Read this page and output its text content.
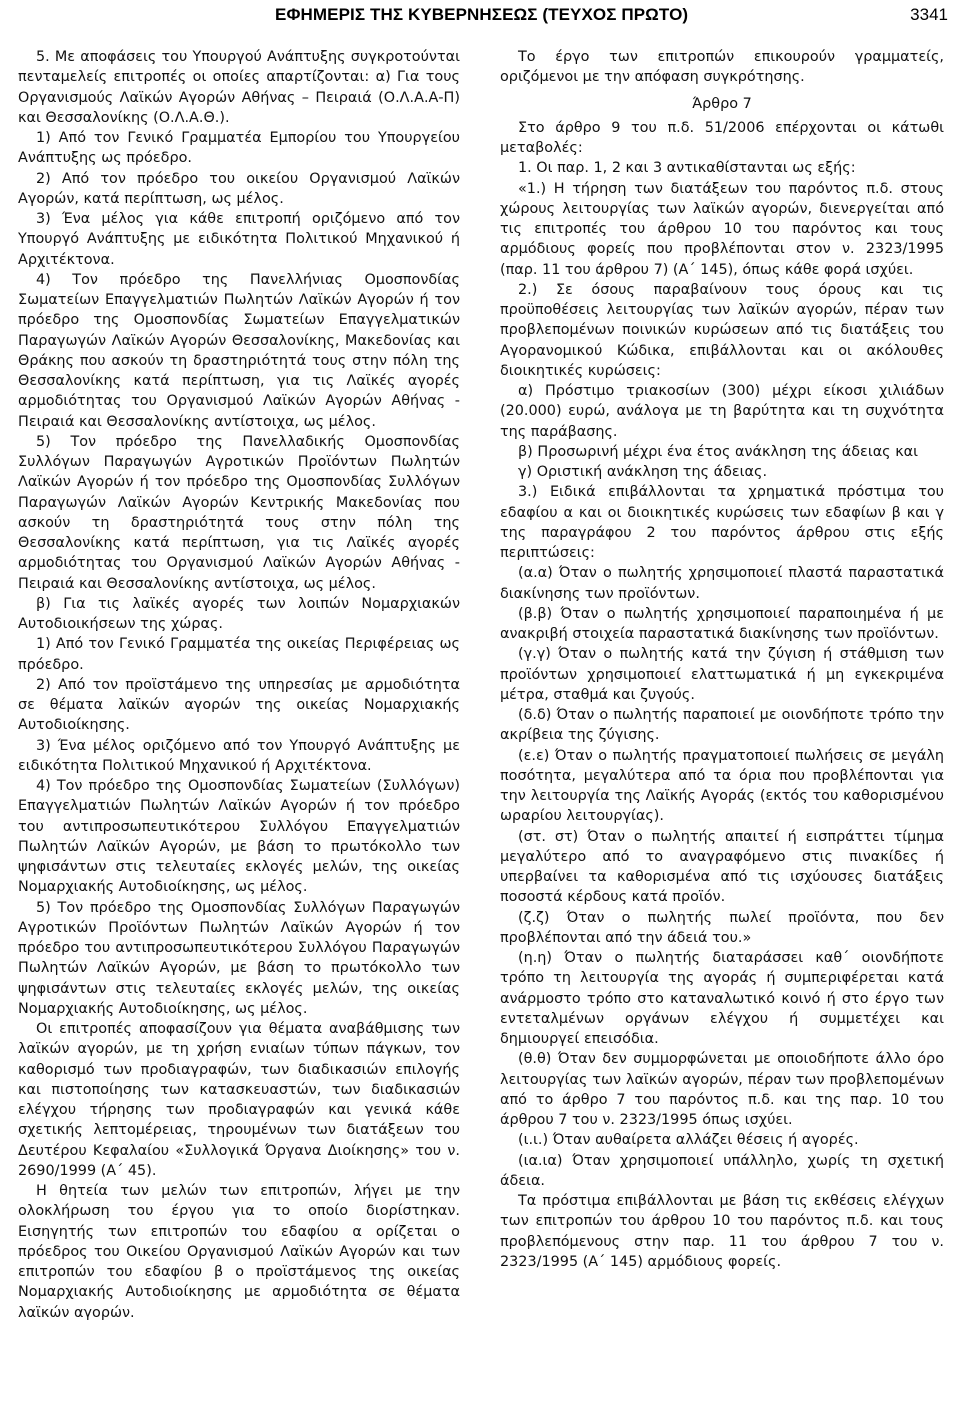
ΕΦΗΜΕΡΙΣ ΤΗΣ ΚΥΒΕΡΝΗΣΕΩΣ (ΤΕΥΧΟΣ ΠΡΩΤΟ)	3341

5. Με αποφάσεις του Υπουργού Ανάπτυξης συγκροτούνται πενταμελείς επιτροπές οι οποίες απαρτίζονται: α) Για τους Οργανισμούς Λαϊκών Αγορών Αθήνας – Πειραιά (Ο.Λ.Α.Α-Π) και Θεσσαλονίκης (Ο.Λ.Α.Θ.).

1) Από τον Γενικό Γραμματέα Εμπορίου του Υπουργείου Ανάπτυξης ως πρόεδρο.

2) Από τον πρόεδρο του οικείου Οργανισμού Λαϊκών Αγορών, κατά περίπτωση, ως μέλος.

3) Ένα μέλος για κάθε επιτροπή οριζόμενο από τον Υπουργό Ανάπτυξης με ειδικότητα Πολιτικού Μηχανικού ή Αρχιτέκτονα.

4) Τον πρόεδρο της Πανελλήνιας Ομοσπονδίας Σωματείων Επαγγελματιών Πωλητών Λαϊκών Αγορών ή τον πρόεδρο της Ομοσπονδίας Σωματείων Επαγγελματικών Παραγωγών Λαϊκών Αγορών Θεσσαλονίκης, Μακεδονίας και Θράκης που ασκούν τη δραστηριότητά τους στην πόλη της Θεσσαλονίκης κατά περίπτωση, για τις Λαϊκές αγορές αρμοδιότητας του Οργανισμού Λαϊκών Αγορών Αθήνας - Πειραιά και Θεσσαλονίκης αντίστοιχα, ως μέλος.

5) Τον πρόεδρο της Πανελλαδικής Ομοσπονδίας Συλλόγων Παραγωγών Αγροτικών Προϊόντων Πωλητών Λαϊκών Αγορών ή τον πρόεδρο της Ομοσπονδίας Συλλόγων Παραγωγών Λαϊκών Αγορών Κεντρικής Μακεδονίας που ασκούν τη δραστηριότητά τους στην πόλη της Θεσσαλονίκης κατά περίπτωση, για τις Λαϊκές αγορές αρμοδιότητας του Οργανισμού Λαϊκών Αγορών Αθήνας - Πειραιά και Θεσσαλονίκης αντίστοιχα, ως μέλος.

β) Για τις λαϊκές αγορές των λοιπών Νομαρχιακών Αυτοδιοικήσεων της χώρας.

1) Από τον Γενικό Γραμματέα της οικείας Περιφέρειας ως πρόεδρο.

2) Από τον προϊστάμενο της υπηρεσίας με αρμοδιότητα σε θέματα λαϊκών αγορών της οικείας Νομαρχιακής Αυτοδιοίκησης.

3) Ένα μέλος οριζόμενο από τον Υπουργό Ανάπτυξης με ειδικότητα Πολιτικού Μηχανικού ή Αρχιτέκτονα.

4) Τον πρόεδρο της Ομοσπονδίας Σωματείων (Συλλόγων) Επαγγελματιών Πωλητών Λαϊκών Αγορών ή τον πρόεδρο του αντιπροσωπευτικότερου Συλλόγου Επαγγελματιών Πωλητών Λαϊκών Αγορών, με βάση το πρωτόκολλο των ψηφισάντων στις τελευταίες εκλογές μελών, της οικείας Νομαρχιακής Αυτοδιοίκησης, ως μέλος.

5) Τον πρόεδρο της Ομοσπονδίας Συλλόγων Παραγωγών Αγροτικών Προϊόντων Πωλητών Λαϊκών Αγορών ή τον πρόεδρο του αντιπροσωπευτικότερου Συλλόγου Παραγωγών Πωλητών Λαϊκών Αγορών, με βάση το πρωτόκολλο των ψηφισάντων στις τελευταίες εκλογές μελών, της οικείας Νομαρχιακής Αυτοδιοίκησης, ως μέλος.

Οι επιτροπές αποφασίζουν για θέματα αναβάθμισης των λαϊκών αγορών, με τη χρήση ενιαίων τύπων πάγκων, τον καθορισμό των προδιαγραφών, των διαδικασιών επιλογής και πιστοποίησης των κατασκευαστών, των διαδικασιών ελέγχου τήρησης των προδιαγραφών και γενικά κάθε σχετικής λεπτομέρειας, τηρουμένων των διατάξεων του Δευτέρου Κεφαλαίου «Συλλογικά Όργανα Διοίκησης» του ν. 2690/1999 (Α΄ 45).

Η θητεία των μελών των επιτροπών, λήγει με την ολοκλήρωση του έργου για το οποίο διορίστηκαν. Εισηγητής των επιτροπών του εδαφίου α ορίζεται ο πρόεδρος του Οικείου Οργανισμού Λαϊκών Αγορών και των επιτροπών του εδαφίου β ο προϊστάμενος της οικείας Νομαρχιακής Αυτοδιοίκησης με αρμοδιότητα σε θέματα λαϊκών αγορών.

Το έργο των επιτροπών επικουρούν γραμματείς, οριζόμενοι με την απόφαση συγκρότησης.

Άρθρο 7

Στο άρθρο 9 του π.δ. 51/2006 επέρχονται οι κάτωθι μεταβολές:

1. Οι παρ. 1, 2 και 3 αντικαθίστανται ως εξής:

«1.) Η τήρηση των διατάξεων του παρόντος π.δ. στους χώρους λειτουργίας των λαϊκών αγορών, διενεργείται από τις επιτροπές του άρθρου 10 του παρόντος και τους αρμόδιους φορείς που προβλέπονται στον ν. 2323/1995 (παρ. 11 του άρθρου 7) (Α΄ 145), όπως κάθε φορά ισχύει.

2.) Σε όσους παραβαίνουν τους όρους και τις προϋποθέσεις λειτουργίας των λαϊκών αγορών, πέραν των προβλεπομένων ποινικών κυρώσεων από τις διατάξεις του Αγορανομικού Κώδικα, επιβάλλονται και οι ακόλουθες διοικητικές κυρώσεις:

α) Πρόστιμο τριακοσίων (300) μέχρι είκοσι χιλιάδων (20.000) ευρώ, ανάλογα με τη βαρύτητα και τη συχνότητα της παράβασης.

β) Προσωρινή μέχρι ένα έτος ανάκληση της άδειας και

γ) Οριστική ανάκληση της άδειας.

3.) Ειδικά επιβάλλονται τα χρηματικά πρόστιμα του εδαφίου α και οι διοικητικές κυρώσεις των εδαφίων β και γ της παραγράφου 2 του παρόντος άρθρου στις εξής περιπτώσεις:

(α.α) Όταν ο πωλητής χρησιμοποιεί πλαστά παραστατικά διακίνησης των προϊόντων.

(β.β) Όταν ο πωλητής χρησιμοποιεί παραποιημένα ή με ανακριβή στοιχεία παραστατικά διακίνησης των προϊόντων.

(γ.γ) Όταν ο πωλητής κατά την ζύγιση ή στάθμιση των προϊόντων χρησιμοποιεί ελαττωματικά ή μη εγκεκριμένα μέτρα, σταθμά και ζυγούς.

(δ.δ) Όταν ο πωλητής παραποιεί με οιονδήποτε τρόπο την ακρίβεια της ζύγισης.

(ε.ε) Όταν ο πωλητής πραγματοποιεί πωλήσεις σε μεγάλη ποσότητα, μεγαλύτερα από τα όρια που προβλέπονται για την λειτουργία της Λαϊκής Αγοράς (εκτός του καθορισμένου ωραρίου λειτουργίας).

(στ. στ) Όταν ο πωλητής απαιτεί ή εισπράττει τίμημα μεγαλύτερο από το αναγραφόμενο στις πινακίδες ή υπερβαίνει τα καθορισμένα από τις ισχύουσες διατάξεις ποσοστά κέρδους κατά προϊόν.

(ζ.ζ) Όταν ο πωλητής πωλεί προϊόντα, που δεν προβλέπονται από την άδειά του.»

(η.η) Όταν ο πωλητής διαταράσσει καθ΄ οιονδήποτε τρόπο τη λειτουργία της αγοράς ή συμπεριφέρεται κατά ανάρμοστο τρόπο στο καταναλωτικό κοινό ή στο έργο των εντεταλμένων οργάνων ελέγχου ή συμμετέχει και δημιουργεί επεισόδια.

(θ.θ) Όταν δεν συμμορφώνεται με οποιοδήποτε άλλο όρο λειτουργίας των λαϊκών αγορών, πέραν των προβλεπομένων από το άρθρο 7 του παρόντος π.δ. και της παρ. 10 του άρθρου 7 του ν. 2323/1995 όπως ισχύει.

(ι.ι.) Όταν αυθαίρετα αλλάζει θέσεις ή αγορές.

(ια.ια) Όταν χρησιμοποιεί υπάλληλο, χωρίς τη σχετική άδεια.

Τα πρόστιμα επιβάλλονται με βάση τις εκθέσεις ελέγχων των επιτροπών του άρθρου 10 του παρόντος π.δ. και τους προβλεπόμενους στην παρ. 11 του άρθρου 7 του ν. 2323/1995 (Α΄ 145) αρμόδιους φορείς.
